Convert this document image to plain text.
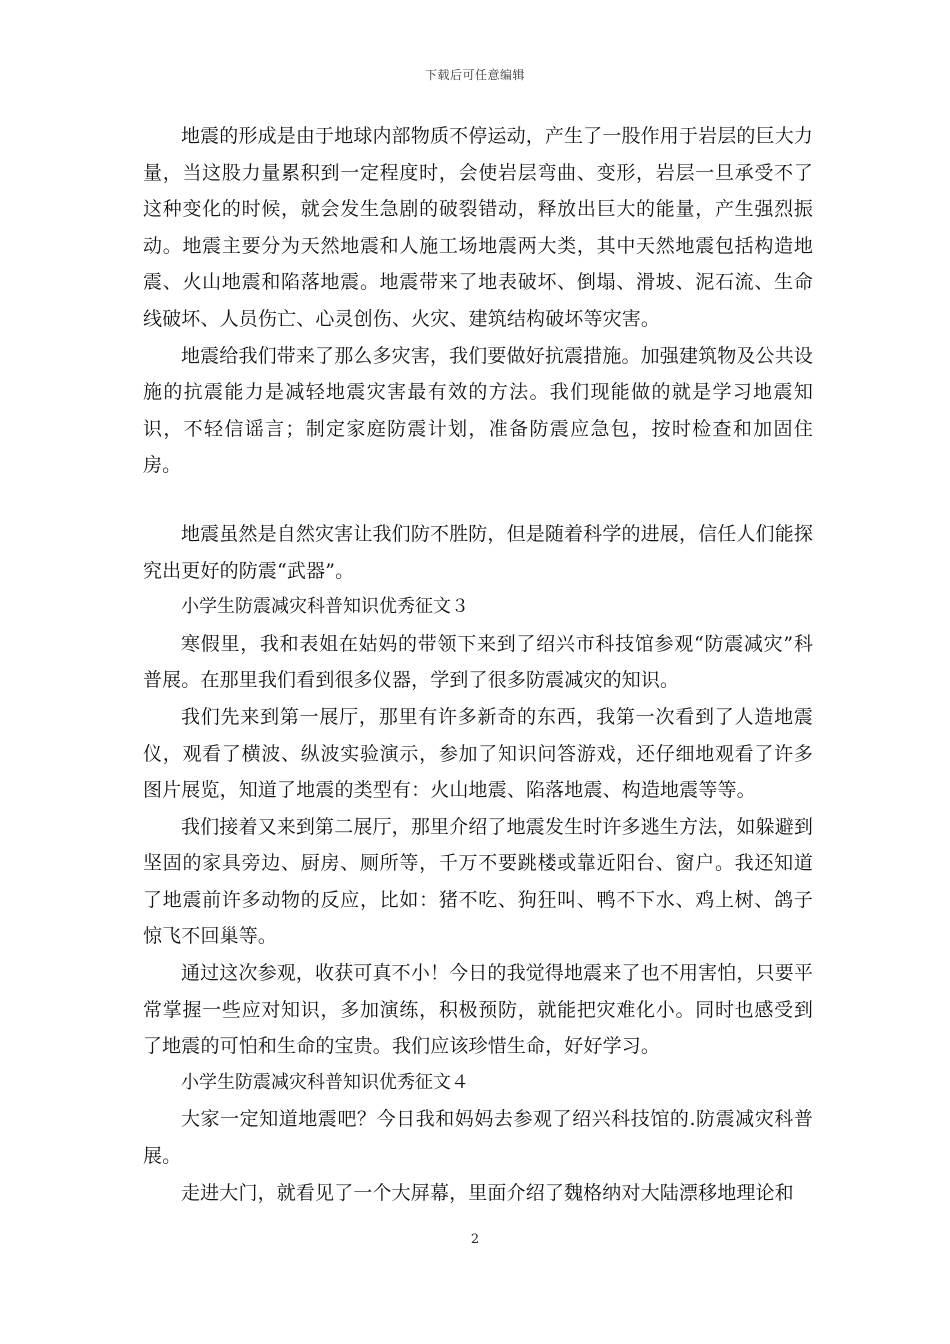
下载后可任意编辑

地震的形成是由于地球内部物质不停运动，产生了一股作用于岩层的巨大力量，当这股力量累积到一定程度时，会使岩层弯曲、变形，岩层一旦承受不了这种变化的时候，就会发生急剧的破裂错动，释放出巨大的能量，产生强烈振动。地震主要分为天然地震和人施工场地震两大类，其中天然地震包括构造地震、火山地震和陷落地震。地震带来了地表破坏、倒塌、滑坡、泥石流、生命线破坏、人员伤亡、心灵创伤、火灾、建筑结构破坏等灾害。

地震给我们带来了那么多灾害，我们要做好抗震措施。加强建筑物及公共设施的抗震能力是减轻地震灾害最有效的方法。我们现能做的就是学习地震知识，不轻信谣言；制定家庭防震计划，准备防震应急包，按时检查和加固住房。

地震虽然是自然灾害让我们防不胜防，但是随着科学的进展，信任人们能探究出更好的防震“武器”。

小学生防震减灾科普知识优秀征文３

寒假里，我和表姐在姑妈的带领下来到了绍兴市科技馆参观“防震减灾”科普展。在那里我们看到很多仪器，学到了很多防震减灾的知识。

我们先来到第一展厅，那里有许多新奇的东西，我第一次看到了人造地震仪，观看了横波、纵波实验演示，参加了知识问答游戏，还仔细地观看了许多图片展览，知道了地震的类型有：火山地震、陷落地震、构造地震等等。

我们接着又来到第二展厅，那里介绍了地震发生时许多逃生方法，如躲避到坚固的家具旁边、厨房、厕所等，千万不要跳楼或靠近阳台、窗户。我还知道了地震前许多动物的反应，比如：猪不吃、狗狂叫、鸭不下水、鸡上树、鸽子惊飞不回巢等。

通过这次参观，收获可真不小！今日的我觉得地震来了也不用害怕，只要平常掌握一些应对知识，多加演练，积极预防，就能把灾难化小。同时也感受到了地震的可怕和生命的宝贵。我们应该珍惜生命，好好学习。

小学生防震减灾科普知识优秀征文４

大家一定知道地震吧？今日我和妈妈去参观了绍兴科技馆的.防震减灾科普展。

走进大门，就看见了一个大屏幕，里面介绍了魏格纳对大陆漂移地理论和

2
